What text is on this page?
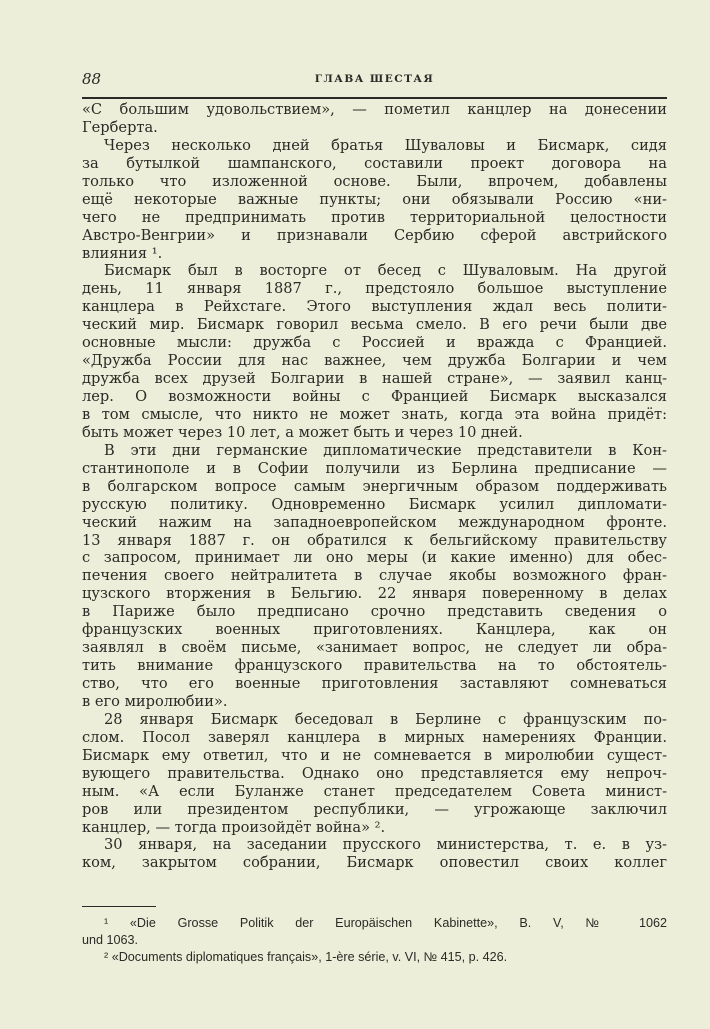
88	ГЛАВА ШЕСТАЯ
«С большим удовольствием», — пометил канцлер на донесении
Герберта.
Через несколько дней братья Шуваловы и Бисмарк, сидя
за бутылкой шампанского, составили проект договора на
только что изложенной основе. Были, впрочем, добавлены
ещё некоторые важные пункты; они обязывали Россию «ни-
чего не предпринимать против территориальной целостности
Австро-Венгрии» и признавали Сербию сферой австрийского
влияния ¹.
Бисмарк был в восторге от бесед с Шуваловым. На другой
день, 11 января 1887 г., предстояло большое выступление
канцлера в Рейхстаге. Этого выступления ждал весь полити-
ческий мир. Бисмарк говорил весьма смело. В его речи были две
основные мысли: дружба с Россией и вражда с Францией.
«Дружба России для нас важнее, чем дружба Болгарии и чем
дружба всех друзей Болгарии в нашей стране», — заявил канц-
лер. О возможности войны с Францией Бисмарк высказался
в том смысле, что никто не может знать, когда эта война придёт:
быть может через 10 лет, а может быть и через 10 дней.
В эти дни германские дипломатические представители в Кон-
стантинополе и в Софии получили из Берлина предписание —
в болгарском вопросе самым энергичным образом поддерживать
русскую политику. Одновременно Бисмарк усилил дипломати-
ческий нажим на западноевропейском международном фронте.
13 января 1887 г. он обратился к бельгийскому правительству
с запросом, принимает ли оно меры (и какие именно) для обес-
печения своего нейтралитета в случае якобы возможного фран-
цузского вторжения в Бельгию. 22 января поверенному в делах
в Париже было предписано срочно представить сведения о
французских военных приготовлениях. Канцлера, как он
заявлял в своём письме, «занимает вопрос, не следует ли обра-
тить внимание французского правительства на то обстоятель-
ство, что его военные приготовления заставляют сомневаться
в его миролюбии».
28 января Бисмарк беседовал в Берлине с французским по-
слом. Посол заверял канцлера в мирных намерениях Франции.
Бисмарк ему ответил, что и не сомневается в миролюбии сущест-
вующего правительства. Однако оно представляется ему непроч-
ным. «А если Буланже станет председателем Совета минист-
ров или президентом республики, — угрожающе заключил
канцлер, — тогда произойдёт война» ².
30 января, на заседании прусского министерства, т. е. в уз-
ком, закрытом собрании, Бисмарк оповестил своих коллег
¹ «Die Grosse Politik der Europäischen Kabinette», B. V, № 1062
und 1063.
² «Documents diplomatiques français», 1-ère série, v. VI, № 415, p. 426.
